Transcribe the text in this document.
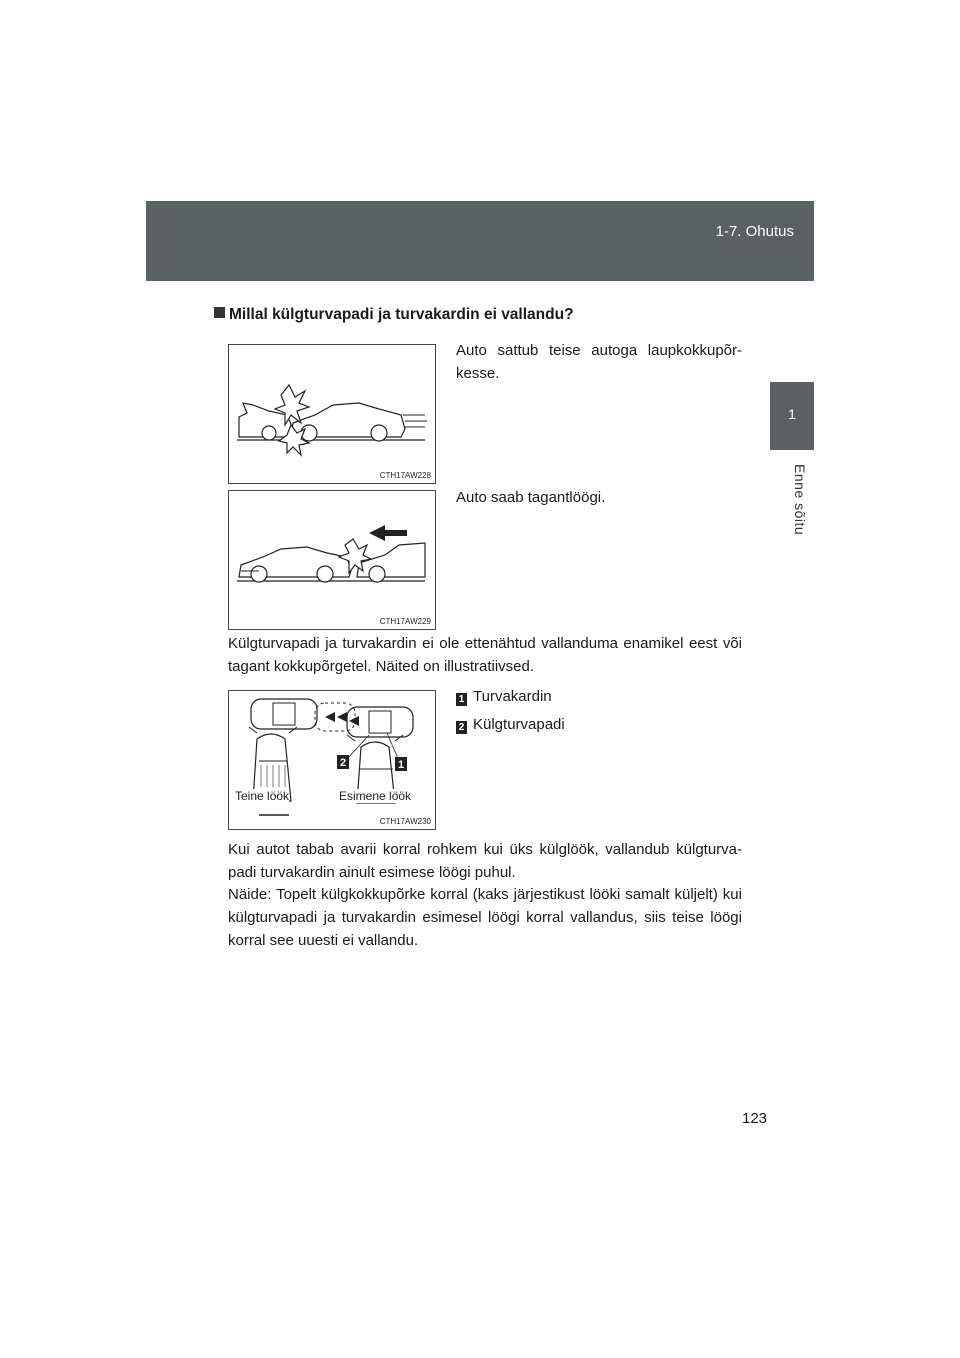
1-7. Ohutus
1
Enne sõitu
Millal külgturvapadi ja turvakardin ei vallandu?
CTH17AW228
Auto sattub teise autoga laupkokkupõr- kesse.
CTH17AW229
Auto saab tagantlöögi.
Külgturvapadi ja turvakardin ei ole ettenähtud vallanduma enamikel eest või tagant kokkupõrgetel. Näited on illustratiivsed.
2	1
Teine löök	Esimene löök
CTH17AW230
1 Turvakardin
2 Külgturvapadi
Kui autot tabab avarii korral rohkem kui üks külglöök, vallandub külgturva- padi turvakardin ainult esimese löögi puhul.
Näide: Topelt külgkokkupõrke korral (kaks järjestikust lööki samalt küljelt) kui külgturvapadi ja turvakardin esimesel löögi korral vallandus, siis teise löögi korral see uuesti ei vallandu.
123
